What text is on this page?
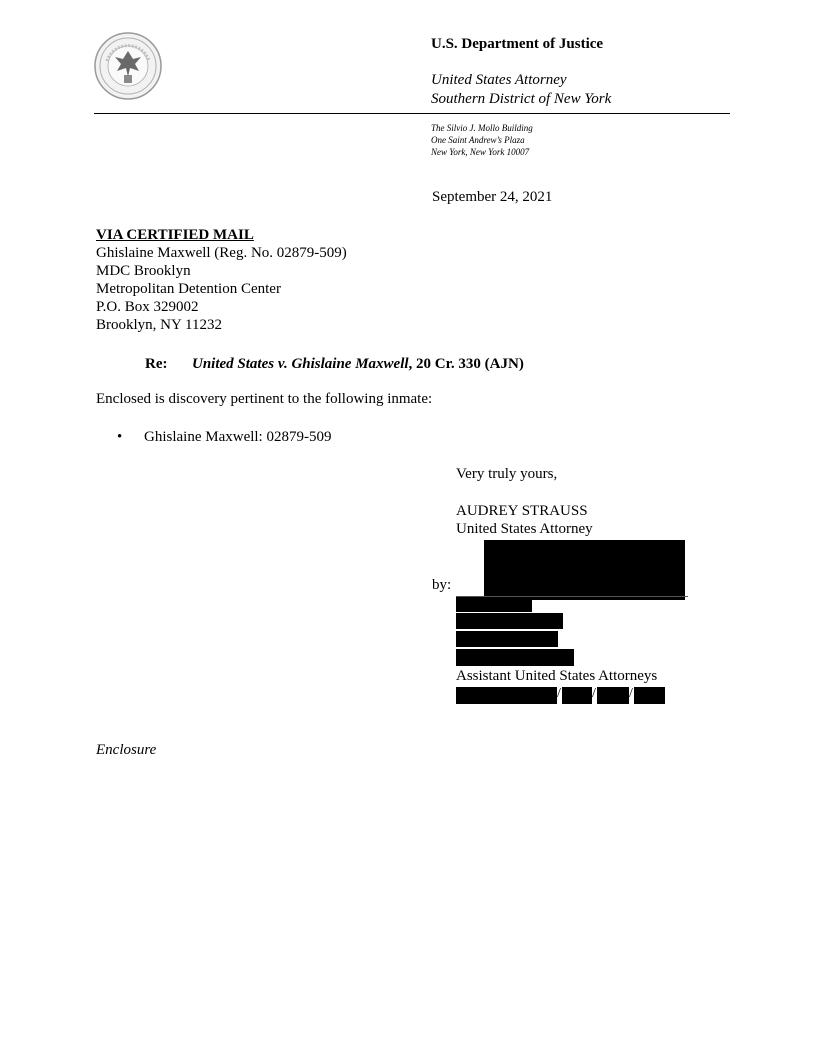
U.S. Department of Justice
United States Attorney
Southern District of New York
The Silvio J. Mollo Building
One Saint Andrew’s Plaza
New York, New York 10007
September 24, 2021
VIA CERTIFIED MAIL
Ghislaine Maxwell (Reg. No. 02879-509)
MDC Brooklyn
Metropolitan Detention Center
P.O. Box 329002
Brooklyn, NY 11232
Re: United States v. Ghislaine Maxwell, 20 Cr. 330 (AJN)
Enclosed is discovery pertinent to the following inmate:
• Ghislaine Maxwell: 02879-509
Very truly yours,
AUDREY STRAUSS
United States Attorney
by:
Assistant United States Attorneys
/ / /
Enclosure
